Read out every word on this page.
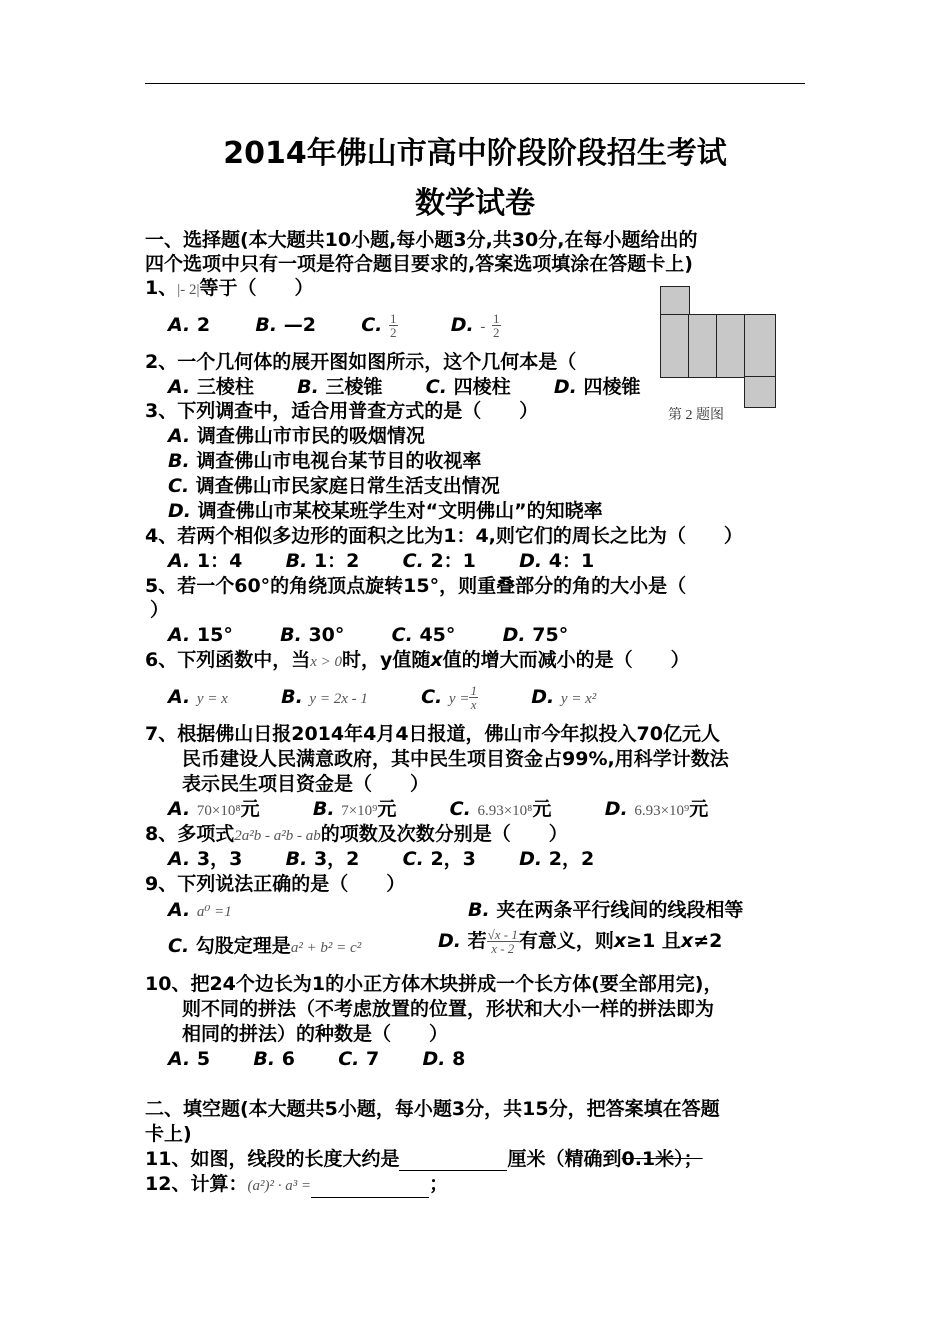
2014年佛山市高中阶段阶段招生考试
数学试卷
一、选择题(本大题共10小题,每小题3分,共30分,在每小题给出的
四个选项中只有一项是符合题目要求的,答案选项填涂在答题卡上)
1、|- 2|等于（　　）
A. 2 B. —2 C. $\frac{1}{2}$	D. - $\frac{1}{2}$
第 2 题图
2、一个几何体的展开图如图所示，这个几何本是（
A. 三棱柱 B. 三棱锥 C. 四棱柱 D. 四棱锥
3、下列调查中，适合用普查方式的是（　　）
A. 调查佛山市市民的吸烟情况
B. 调查佛山市电视台某节目的收视率
C. 调查佛山市民家庭日常生活支出情况
D. 调查佛山市某校某班学生对“文明佛山”的知晓率
4、若两个相似多边形的面积之比为1：4,则它们的周长之比为（　　）
A. 1：4 B. 1：2 C. 2：1 D. 4：1
5、若一个60°的角绕顶点旋转15°，则重叠部分的角的大小是（
）
A. 15° B. 30° C. 45° D. 75°
6、下列函数中，当x > 0时，y值随x值的增大而减小的是（　　）
A. y = x	B. y = 2x - 1	C. $y = \frac{1}{x}$	D. y = x²
7、根据佛山日报2014年4月4日报道，佛山市今年拟投入70亿元人
民币建设人民满意政府，其中民生项目资金占99%,用科学计数法
表示民生项目资金是（　　）
A. 70×10⁸元	B. 7×10⁹元	C. 6.93×10⁸元	D. 6.93×10⁹元
8、多项式2a²b - a²b - ab的项数及次数分别是（　　）
A. 3，3 B. 3，2 C. 2，3 D. 2，2
9、下列说法正确的是（　　）
A. a⁰ =1	B. 夹在两条平行线间的线段相等
C. 勾股定理是a² + b² = c²	D. 若 $\frac{√x - 1}{x - 2}$ 有意义，则x≥1 且x≠2
10、把24个边长为1的小正方体木块拼成一个长方体(要全部用完)，
则不同的拼法（不考虑放置的位置，形状和大小一样的拼法即为
相同的拼法）的种数是（　　）
A. 5 B. 6 C. 7 D. 8
二、填空题(本大题共5小题，每小题3分，共15分，把答案填在答题
卡上)
11、如图，线段的长度大约是	厘米（精确到0.1米）；
12、计算：(a²)² · a³ =	；
